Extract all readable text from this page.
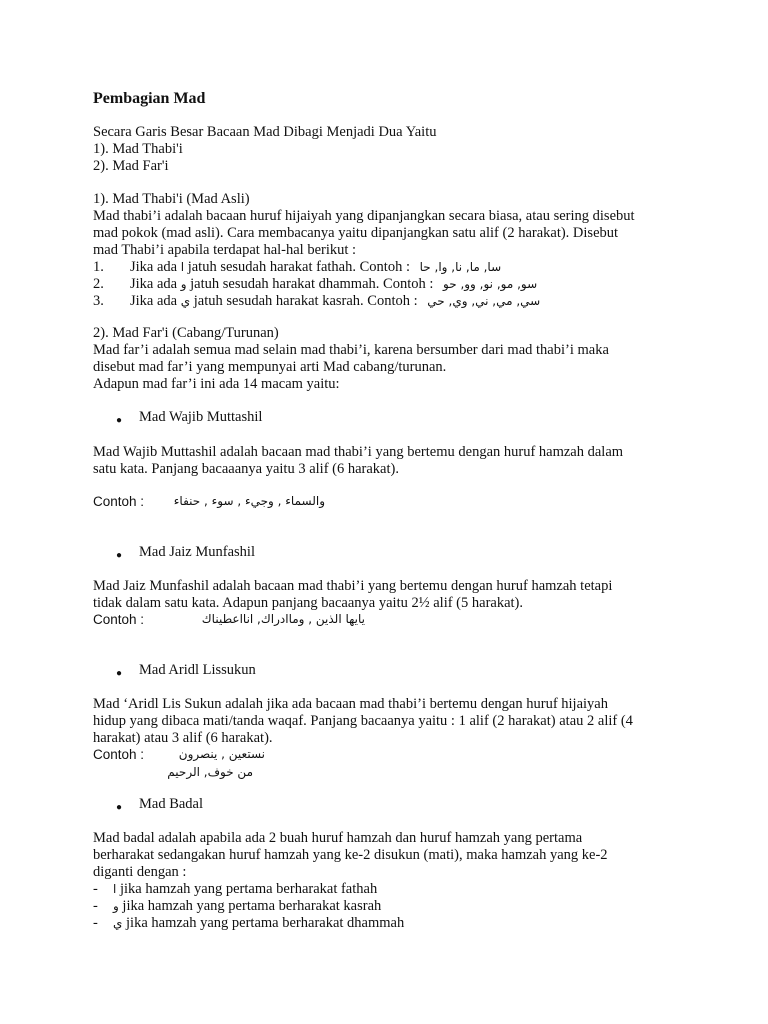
Pembagian Mad
Secara Garis Besar Bacaan Mad Dibagi Menjadi Dua Yaitu
1). Mad Thabi'i
2). Mad Far'i
1). Mad Thabi'i (Mad Asli)
Mad thabi’i adalah bacaan huruf hijaiyah yang dipanjangkan secara biasa, atau sering disebut
mad pokok (mad asli). Cara membacanya yaitu dipanjangkan satu alif (2 harakat). Disebut
mad Thabi’i apabila terdapat hal-hal berikut :
1. Jika ada ا jatuh sesudah harakat fathah. Contoh : سا, ما, نا, وا, حا
2. Jika ada و jatuh sesudah harakat dhammah. Contoh : سو, مو, نو, وو, حو
3. Jika ada ي jatuh sesudah harakat kasrah. Contoh : سي, مي, ني, وي, حي
2). Mad Far'i (Cabang/Turunan)
Mad far’i adalah semua mad selain mad thabi’i, karena bersumber dari mad thabi’i maka
disebut mad far’i yang mempunyai arti Mad cabang/turunan.
Adapun mad far’i ini ada 14 macam yaitu:
● Mad Wajib Muttashil
Mad Wajib Muttashil adalah bacaan mad thabi’i yang bertemu dengan huruf hamzah dalam
satu kata. Panjang bacaaanya yaitu 3 alif (6 harakat).
Contoh : والسماء , وجيء , سوء , حنفاء
● Mad Jaiz Munfashil
Mad Jaiz Munfashil adalah bacaan mad thabi’i yang bertemu dengan huruf hamzah tetapi
tidak dalam satu kata. Adapun panjang bacaanya yaitu 2½ alif (5 harakat).
Contoh :	يايها الذين , وماادراك, انااعطيناك
● Mad Aridl Lissukun
Mad ‘Aridl Lis Sukun adalah jika ada bacaan mad thabi’i bertemu dengan huruf hijaiyah
hidup yang dibaca mati/tanda waqaf. Panjang bacaanya yaitu : 1 alif (2 harakat) atau 2 alif (4
harakat) atau 3 alif (6 harakat).
Contoh :	نستعين , ينصرون
من خوف, الرحيم
● Mad Badal
Mad badal adalah apabila ada 2 buah huruf hamzah dan huruf hamzah yang pertama
berharakat sedangakan huruf hamzah yang ke-2 disukun (mati), maka hamzah yang ke-2
diganti dengan :
- ا jika hamzah yang pertama berharakat fathah
- و jika hamzah yang pertama berharakat kasrah
- ي jika hamzah yang pertama berharakat dhammah
